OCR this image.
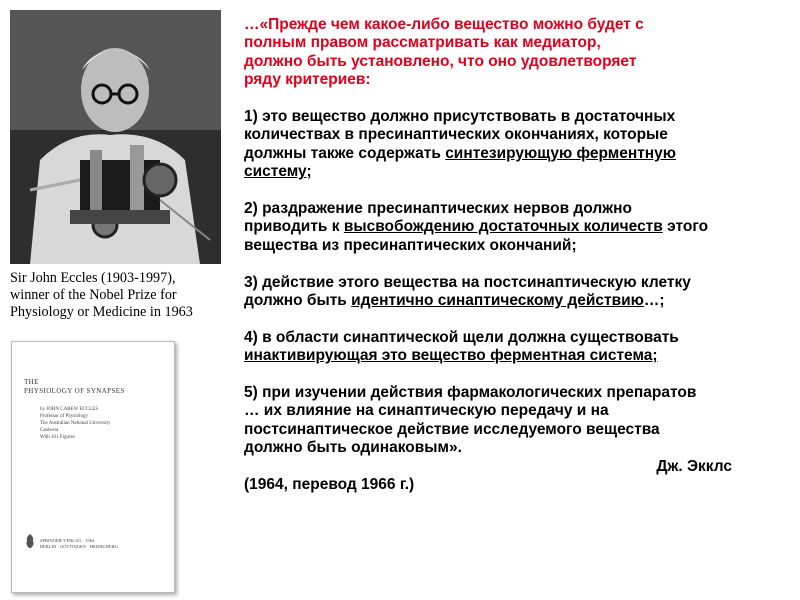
Sir John Eccles (1903-1997),
winner of the Nobel Prize for
Physiology or Medicine in 1963
THE
PHYSIOLOGY OF SYNAPSES
by JOHN CAREW ECCLES
Professor of Physiology
The Australian National University
Canberra
With 101 Figures
SPRINGER-VERLAG · 1964
BERLIN · GÖTTINGEN · HEIDELBERG
…«Прежде чем какое-либо вещество можно будет с
полным правом рассматривать как медиатор,
должно быть установлено, что оно удовлетворяет
ряду критериев:
1) это вещество должно присутствовать в достаточных
количествах в пресинаптических окончаниях, которые
должны также содержать синтезирующую ферментную
систему;
2) раздражение пресинаптических нервов должно
приводить к высвобождению достаточных количеств этого
вещества из пресинаптических окончаний;
3) действие этого вещества на постсинаптическую клетку
должно быть идентично синаптическому действию…;
4) в области синаптической щели должна существовать
инактивирующая это вещество ферментная система;
5) при изучении действия фармакологических препаратов
… их влияние на синаптическую передачу и на
постсинаптическое действие исследуемого вещества
должно быть одинаковым».
Дж. Экклс
(1964, перевод 1966 г.)
